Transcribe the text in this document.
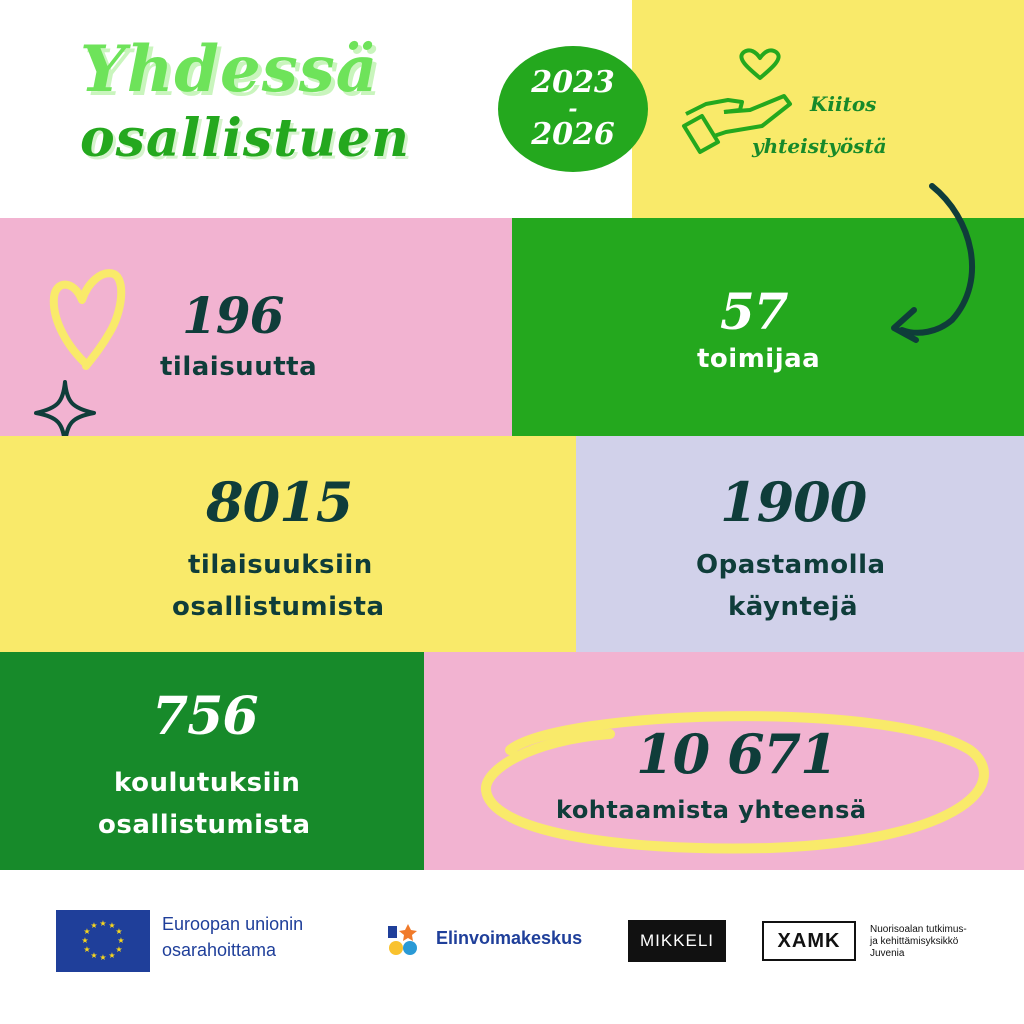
Yhdessä
osallistuen
2023
-
2026
Kiitos
yhteistyöstä
196
tilaisuutta
57
toimijaa
8015
tilaisuuksiin
osallistumista
1900
Opastamolla
käyntejä
756
koulutuksiin
osallistumista
10 671
kohtaamista yhteensä
★ ★
★
★
★
★
★
★
★
★
★
★	Euroopan unionin
osarahoittama
Elinvoimakeskus	MIKKELI	XAMK	Nuorisoalan tutkimus-
ja kehittämisyksikkö
Juvenia
